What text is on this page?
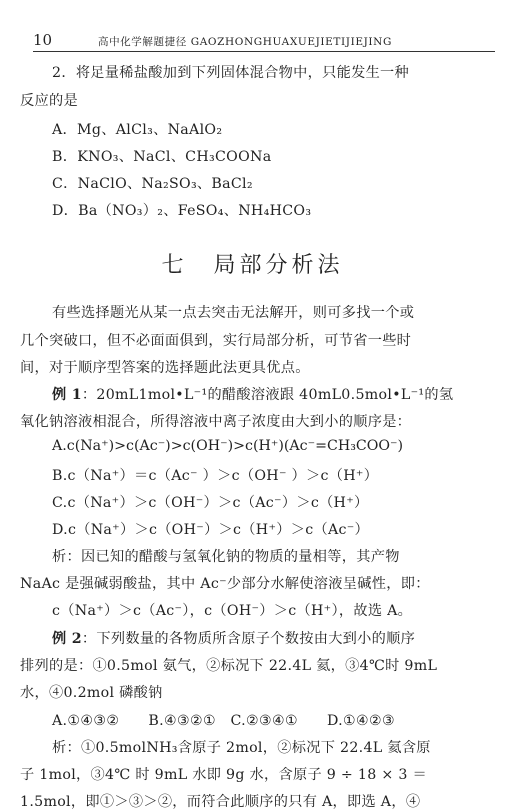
10	高中化学解题捷径 GAOZHONGHUAXUEJIETIJIEJING
2．将足量稀盐酸加到下列固体混合物中，只能发生一种
反应的是
A．Mg、AlCl₃、NaAlO₂
B．KNO₃、NaCl、CH₃COONa
C．NaClO、Na₂SO₃、BaCl₂
D．Ba（NO₃）₂、FeSO₄、NH₄HCO₃
七　局部分析法
有些选择题光从某一点去突击无法解开，则可多找一个或
几个突破口，但不必面面俱到，实行局部分析，可节省一些时
间，对于顺序型答案的选择题此法更具优点。
例 1：20mL1mol•L⁻¹的醋酸溶液跟 40mL0.5mol•L⁻¹的氢
氧化钠溶液相混合，所得溶液中离子浓度由大到小的顺序是：
A.c(Na⁺)>c(Ac⁻)>c(OH⁻)>c(H⁺)(Ac⁻=CH₃COO⁻)
B.c（Na⁺）＝c（Ac⁻ ）＞c（OH⁻ ）＞c（H⁺）
C.c（Na⁺）＞c（OH⁻）＞c（Ac⁻）＞c（H⁺）
D.c（Na⁺）＞c（OH⁻）＞c（H⁺）＞c（Ac⁻）
析：因已知的醋酸与氢氧化钠的物质的量相等，其产物
NaAc 是强碱弱酸盐，其中 Ac⁻少部分水解使溶液呈碱性，即：
c（Na⁺）＞c（Ac⁻），c（OH⁻）＞c（H⁺），故选 A。
例 2：下列数量的各物质所含原子个数按由大到小的顺序
排列的是：①0.5mol 氨气，②标况下 22.4L 氦，③4℃时 9mL
水，④0.2mol 磷酸钠
A.①④③②　　B.④③②①　C.②③④①　　D.①④②③
析：①0.5molNH₃含原子 2mol，②标况下 22.4L 氦含原
子 1mol，③4℃ 时 9mL 水即 9g 水，含原子 9 ÷ 18 × 3 ＝
1.5mol，即①＞③＞②，而符合此顺序的只有 A，即选 A，④
